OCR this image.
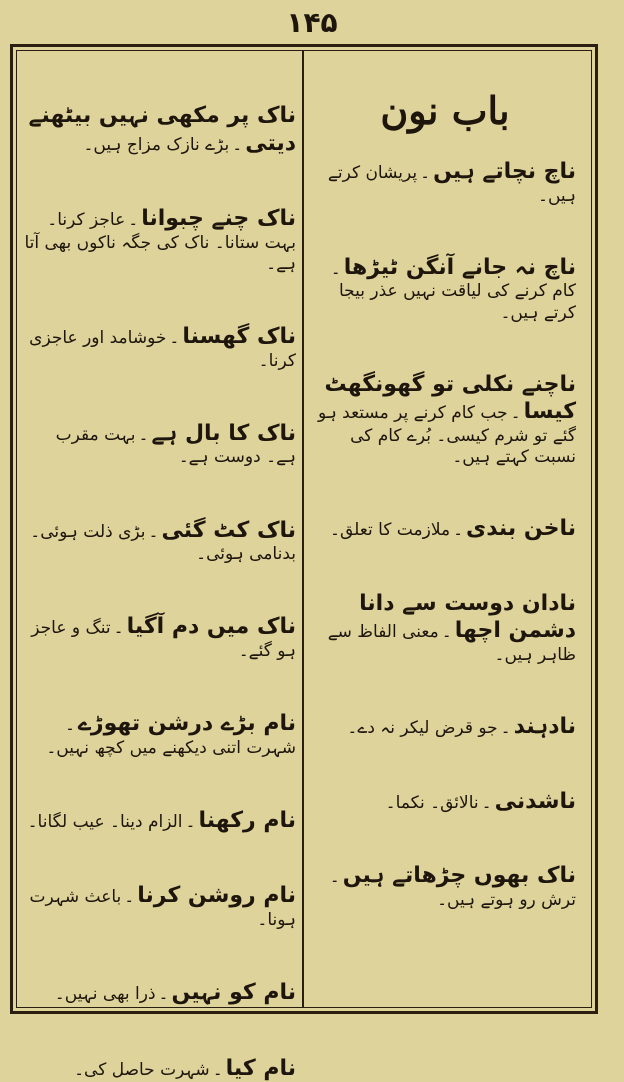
۱۴۵
باب نون

ناچ نچاتے ہیں۔پریشان کرتے ہیں۔

ناچ نہ جانے آنگن ٹیڑھا۔کام کرنے کی لیاقت نہیں عذر بیجا کرتے ہیں۔

ناچنے نکلی تو گھونگھٹ کیسا۔جب کام کرنے پر مستعد ہو گئے تو شرم کیسی۔ بُرے کام کی نسبت کہتے ہیں۔

ناخن بندی۔ملازمت کا تعلق۔

نادان دوست سے دانا دشمن اچھا۔معنی الفاظ سے ظاہر ہیں۔

نادہند۔جو قرض لیکر نہ دے۔

ناشدنی۔نالائق۔ نکما۔

ناک بھوں چڑھاتے ہیں۔ترش رو ہوتے ہیں۔

ناک پر مکھی نہیں بیٹھنے دیتی۔بڑے نازک مزاج ہیں۔

ناک چنے چبوانا۔عاجز کرنا۔ بہت ستانا۔ ناک کی جگہ ناکوں بھی آتا ہے۔

ناک گھسنا۔خوشامد اور عاجزی کرنا۔

ناک کا بال ہے۔بہت مقرب ہے۔ دوست ہے۔

ناک کٹ گئی۔بڑی ذلت ہوئی۔ بدنامی ہوئی۔

ناک میں دم آگیا۔تنگ و عاجز ہو گئے۔

نام بڑے درشن تھوڑے۔شہرت اتنی دیکھنے میں کچھ نہیں۔

نام رکھنا۔الزام دینا۔ عیب لگانا۔

نام روشن کرنا۔باعث شہرت ہونا۔

نام کو نہیں۔ذرا بھی نہیں۔

نام کیا۔شہرت حاصل کی۔
